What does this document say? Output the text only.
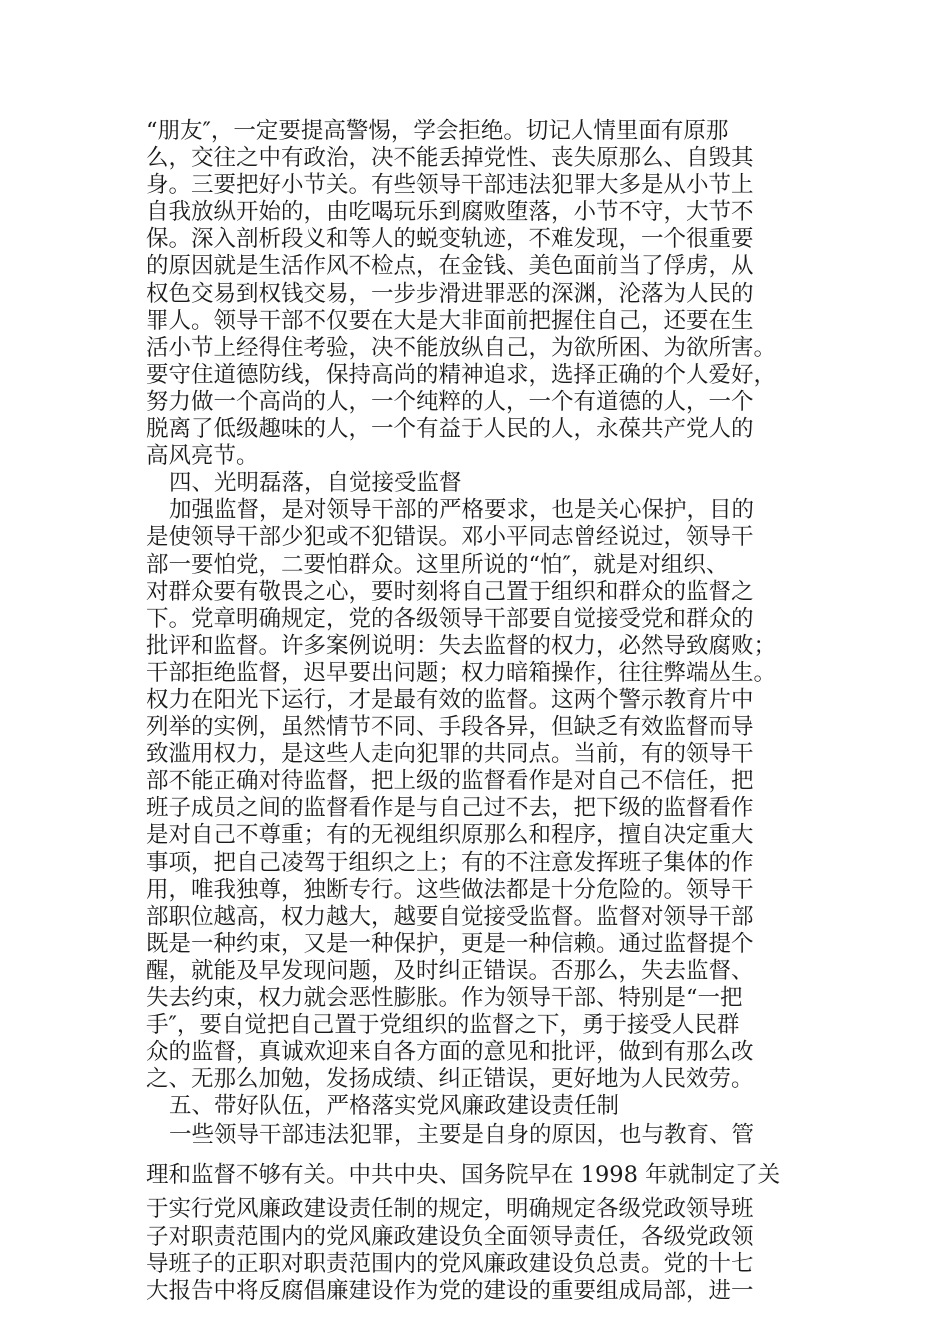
“朋友″，一定要提高警惕，学会拒绝。切记人情里面有原那
么，交往之中有政治，决不能丢掉党性、丧失原那么、自毁其
身。三要把好小节关。有些领导干部违法犯罪大多是从小节上
自我放纵开始的，由吃喝玩乐到腐败堕落，小节不守，大节不
保。深入剖析段义和等人的蜕变轨迹，不难发现，一个很重要
的原因就是生活作风不检点，在金钱、美色面前当了俘虏，从
权色交易到权钱交易，一步步滑进罪恶的深渊，沦落为人民的
罪人。领导干部不仅要在大是大非面前把握住自己，还要在生
活小节上经得住考验，决不能放纵自己，为欲所困、为欲所害。
要守住道德防线，保持高尚的精神追求，选择正确的个人爱好，
努力做一个高尚的人，一个纯粹的人，一个有道德的人，一个
脱离了低级趣味的人，一个有益于人民的人，永葆共产党人的
高风亮节。
四、光明磊落，自觉接受监督
加强监督，是对领导干部的严格要求，也是关心保护，目的
是使领导干部少犯或不犯错误。邓小平同志曾经说过，领导干
部一要怕党，二要怕群众。这里所说的“怕″，就是对组织、
对群众要有敬畏之心，要时刻将自己置于组织和群众的监督之
下。党章明确规定，党的各级领导干部要自觉接受党和群众的
批评和监督。许多案例说明：失去监督的权力，必然导致腐败；
干部拒绝监督，迟早要出问题；权力暗箱操作，往往弊端丛生。
权力在阳光下运行，才是最有效的监督。这两个警示教育片中
列举的实例，虽然情节不同、手段各异，但缺乏有效监督而导
致滥用权力，是这些人走向犯罪的共同点。当前，有的领导干
部不能正确对待监督，把上级的监督看作是对自己不信任，把
班子成员之间的监督看作是与自己过不去，把下级的监督看作
是对自己不尊重；有的无视组织原那么和程序，擅自决定重大
事项，把自己凌驾于组织之上；有的不注意发挥班子集体的作
用，唯我独尊，独断专行。这些做法都是十分危险的。领导干
部职位越高，权力越大，越要自觉接受监督。监督对领导干部
既是一种约束，又是一种保护，更是一种信赖。通过监督提个
醒，就能及早发现问题，及时纠正错误。否那么，失去监督、
失去约束，权力就会恶性膨胀。作为领导干部、特别是“一把
手″，要自觉把自己置于党组织的监督之下，勇于接受人民群
众的监督，真诚欢迎来自各方面的意见和批评，做到有那么改
之、无那么加勉，发扬成绩、纠正错误，更好地为人民效劳。
五、带好队伍，严格落实党风廉政建设责任制
一些领导干部违法犯罪，主要是自身的原因，也与教育、管
理和监督不够有关。中共中央、国务院早在 1998 年就制定了关
于实行党风廉政建设责任制的规定，明确规定各级党政领导班
子对职责范围内的党风廉政建设负全面领导责任，各级党政领
导班子的正职对职责范围内的党风廉政建设负总责。党的十七
大报告中将反腐倡廉建设作为党的建设的重要组成局部，进一
